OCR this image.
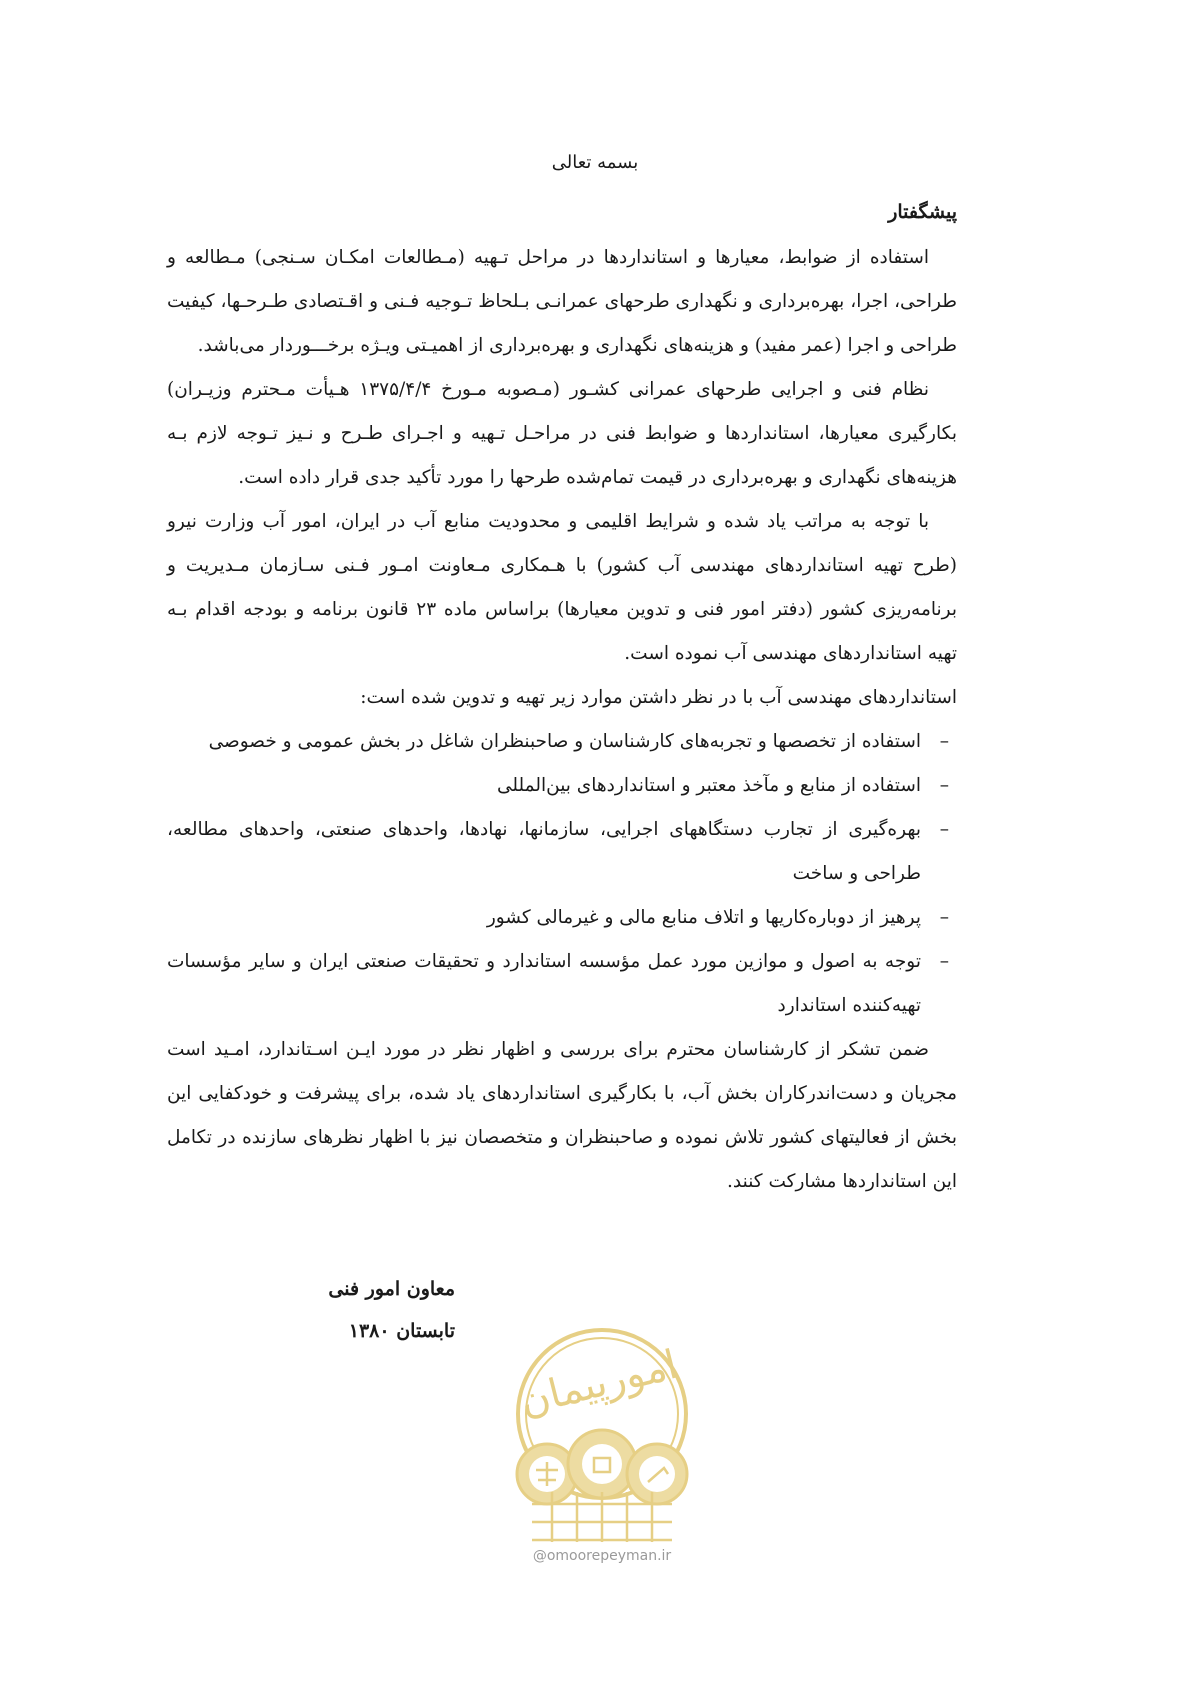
بسمه تعالی
پیشگفتار

استفاده از ضوابط، معیارها و استانداردها در مراحل تـهیه (مـطالعات امکـان سـنجی) مـطالعه و طراحی، اجرا، بهره‌برداری و نگهداری طرحهای عمرانـی بـلحاظ تـوجیه فـنی و اقـتصادی طـرحـها، کیفیت طراحی و اجرا (عمر مفید) و هزینه‌های نگهداری و بهره‌برداری از اهمیـتی ویـژه برخـــوردار می‌باشد.

نظام فنی و اجرایی طرحهای عمرانی کشـور (مـصوبه مـورخ ۱۳۷۵/۴/۴ هـیأت مـحترم وزیـران) بکارگیری معیارها، استانداردها و ضوابط فنی در مراحـل تـهیه و اجـرای طـرح و نـیز تـوجه لازم بـه هزینه‌های نگهداری و بهره‌برداری در قیمت تمام‌شده طرحها را مورد تأکید جدی قرار داده است.

با توجه به مراتب یاد شده و شرایط اقلیمی و محدودیت منابع آب در ایران، امور آب وزارت نیرو (طرح تهیه استانداردهای مهندسی آب کشور) با هـمکاری مـعاونت امـور فـنی سـازمان مـدیریت و برنامه‌ریزی کشور (دفتر امور فنی و تدوین معیارها) براساس ماده ۲۳ قانون برنامه و بودجه اقدام بـه تهیه استانداردهای مهندسی آب نموده است.

استانداردهای مهندسی آب با در نظر داشتن موارد زیر تهیه و تدوین شده است:

–
استفاده از تخصصها و تجربه‌های کارشناسان و صاحبنظران شاغل در بخش عمومی و خصوصی
–
استفاده از منابع و مآخذ معتبر و استانداردهای بین‌المللی
–
بهره‌گیری از تجارب دستگاههای اجرایی، سازمانها، نهادها، واحدهای صنعتی، واحدهای مطالعه، طراحی و ساخت
–
پرهیز از دوباره‌کاریها و اتلاف منابع مالی و غیرمالی کشور
–
توجه به اصول و موازین مورد عمل مؤسسه استاندارد و تحقیقات صنعتی ایران و سایر مؤسسات تهیه‌کننده استاندارد

ضمن تشکر از کارشناسان محترم برای بررسی و اظهار نظر در مورد ایـن اسـتاندارد، امـید است مجریان و دست‌اندرکاران بخش آب، با بکارگیری استانداردهای یاد شده، برای پیشرفت و خودکفایی این بخش از فعالیتهای کشور تلاش نموده و صاحبنظران و متخصصان نیز با اظهار نظرهای سازنده در تکامل این استانداردها مشارکت کنند.

معاون امور فنی
تابستان ۱۳۸۰
امورپیمان
@omoorepeyman.ir
